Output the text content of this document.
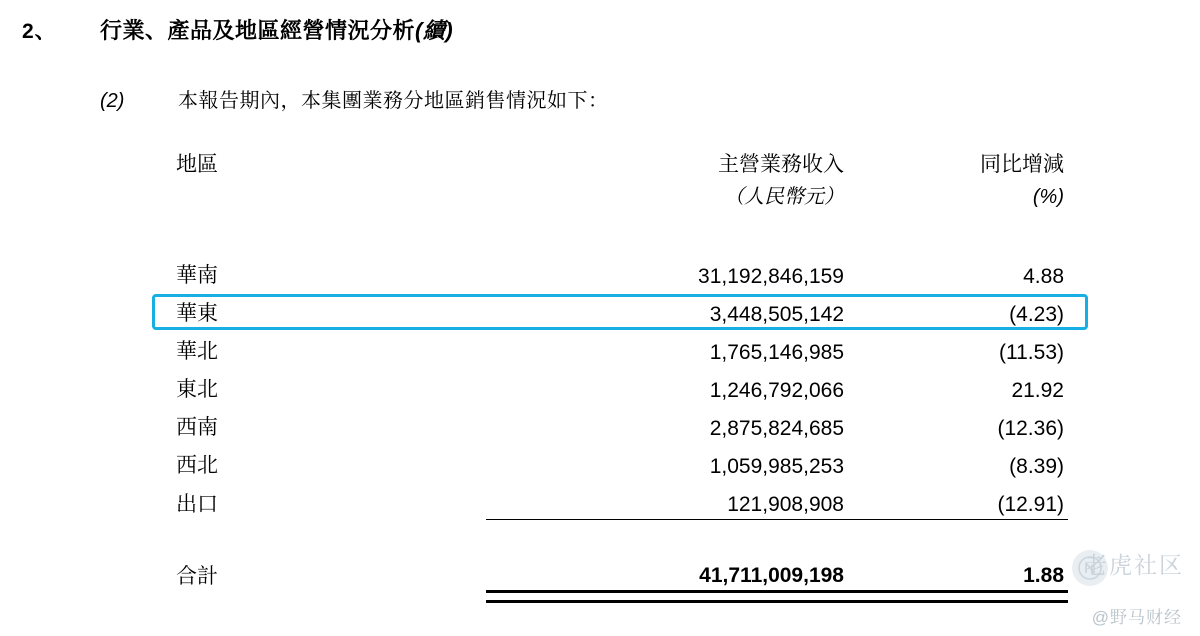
2、	行業、產品及地區經營情況分析(續)
(2)	本報告期內，本集團業務分地區銷售情況如下：
地區	主營業務收入	同比增減
	（人民幣元）	(%)

華南	31,192,846,159	4.88
華東	3,448,505,142	(4.23)
華北	1,765,146,985	(11.53)
東北	1,246,792,066	21.92
西南	2,875,824,685	(12.36)
西北	1,059,985,253	(8.39)
出口	121,908,908	(12.91)

合計	41,711,009,198	1.88
		老虎社区
@野马财经
